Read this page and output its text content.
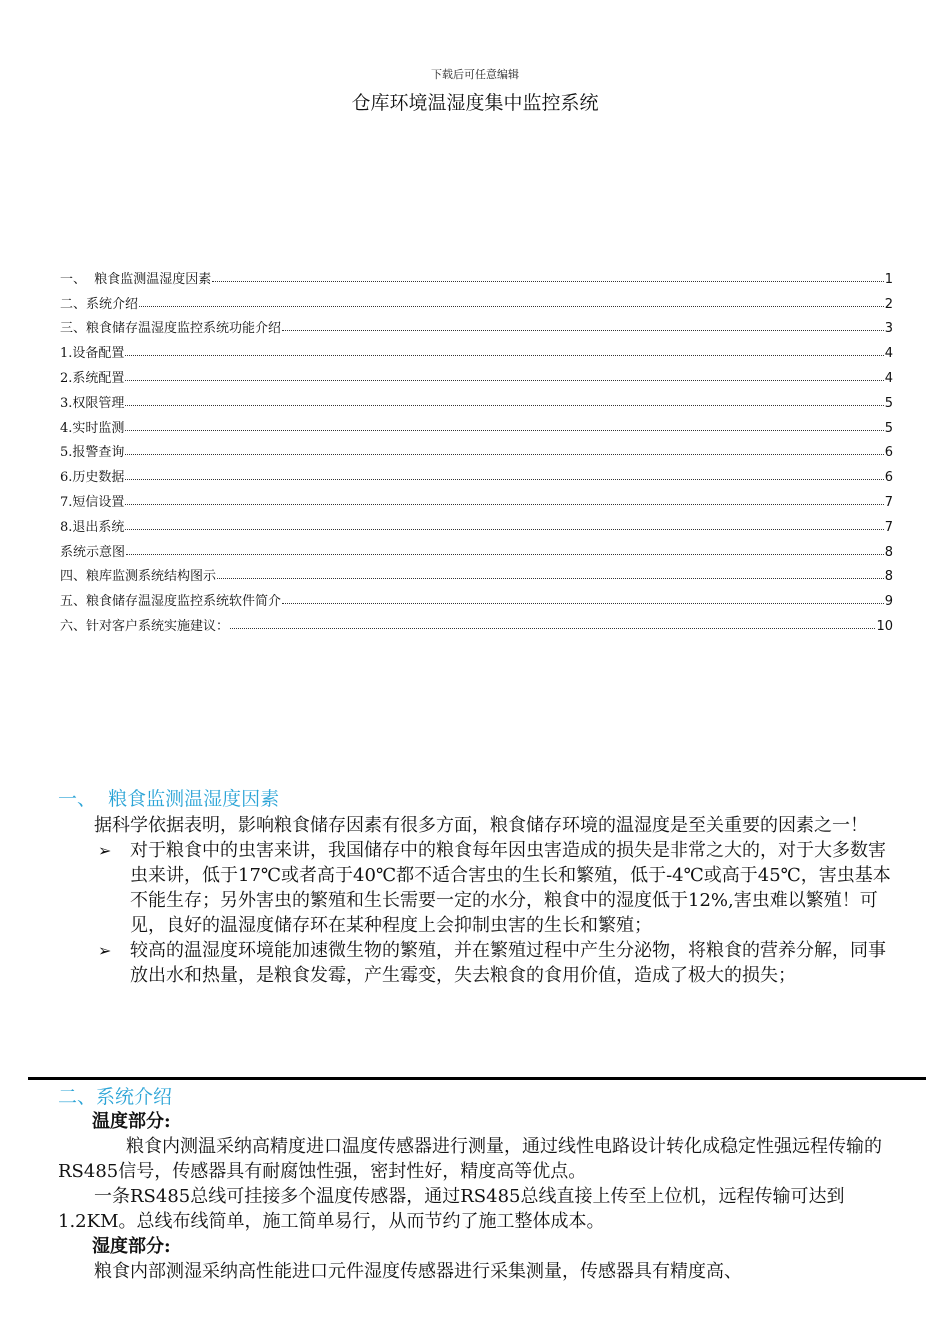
下载后可任意编辑
仓库环境温湿度集中监控系统
一、  粮食监测温湿度因素	1
二、系统介绍	2
三、粮食储存温湿度监控系统功能介绍	3
1.设备配置	4
2.系统配置	4
3.权限管理	5
4.实时监测	5
5.报警查询	6
6.历史数据	6
7.短信设置	7
8.退出系统	7
系统示意图	8
四、粮库监测系统结构图示	8
五、粮食储存温湿度监控系统软件简介	9
六、针对客户系统实施建议：	10
一、  粮食监测温湿度因素
据科学依据表明，影响粮食储存因素有很多方面，粮食储存环境的温湿度是至关重要的因素之一！
➢ 对于粮食中的虫害来讲，我国储存中的粮食每年因虫害造成的损失是非常之大的，对于大多数害虫来讲，低于17℃或者高于40℃都不适合害虫的生长和繁殖，低于-4℃或高于45℃，害虫基本不能生存；另外害虫的繁殖和生长需要一定的水分，粮食中的湿度低于12%,害虫难以繁殖！可见，良好的温湿度储存环在某种程度上会抑制虫害的生长和繁殖；
➢ 较高的温湿度环境能加速微生物的繁殖，并在繁殖过程中产生分泌物，将粮食的营养分解，同事放出水和热量，是粮食发霉，产生霉变，失去粮食的食用价值，造成了极大的损失；
二、系统介绍
温度部分:
粮食内测温采纳高精度进口温度传感器进行测量，通过线性电路设计转化成稳定性强远程传输的RS485信号，传感器具有耐腐蚀性强，密封性好，精度高等优点。
一条RS485总线可挂接多个温度传感器，通过RS485总线直接上传至上位机，远程传输可达到1.2KM。总线布线简单，施工简单易行，从而节约了施工整体成本。
湿度部分:
粮食内部测湿采纳高性能进口元件湿度传感器进行采集测量，传感器具有精度高、
